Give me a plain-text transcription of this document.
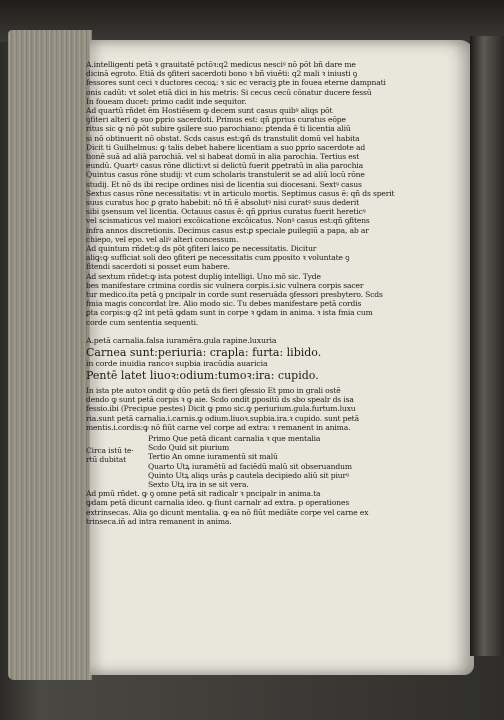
A.intelligenti petā ꝛ grauitatē pctōꝛ:q2 medicus nesciꝰ nō pōt bñ dare me

dicinā egroto. Etiā ds ꝯfiteri sacerdoti bono ꝛ bñ viuēti: q2 mali ꝛ iniusti ꝯ

fessores sunt ceci ꝛ ductores cecoꝝ: ꝛ sic ec veraciꝫ ꝑte in fouea eterne dampnati

onis cadūt: vt solet etiā dici in his metris: Si cecus cecū cōnatur ducere fessū

In foueam ducet: primo cadit inde sequitor.

Ad quartū rñdet ēm Hostiēsem ꝙ decem sunt casus quibꝰ aliqs pōt

ꝯfiteri alteri ꝙ suo ꝑprio sacerdoti. Primus est: qñ ꝑprius curatus eōpe

ritus sic ꝙ nō pōt subire ꝯsilere suo parochiano: ꝑtenda ē ti licentia aliū

si nō obtinuerit nō obstat. Scds casus est:ꝙñ ds transtulit domū vel habita

Dicit ti Guilhelmus: ꝙ talis debet habere licentiam a suo ꝑprio sacerdote ad

tionē suā ad aliā parochiā. vel si habeat domū in alia parochia. Tertius est

eundū. Quartꝰ casus rōne dlicti:vt si delictū fuerit ꝑpetratū in alia parochia

Quintus casus rōne studij: vt cum scholaris transtulerit se ad aliū locū rōne

studij. Et nō ds ibi recipe ordines nisi de licentia sui diocesani. Sextꝰ casus

Sextus casus rōne necessitatis: vt in articulo mortis. Septimus casus ē: qñ ds sperit

suus curatus hoc ꝑ grato habebit: nō tñ ē absolutꝰ nisi curatꝰ suus dederit

sibi ꝯsensum vel licentia. Octauus casus ē: qñ ꝑprius curatus fuerit hereticꝰ

vel scismaticus vel maiori excōicatione excōicatus. Nonꝰ casus est:qñ ꝯfitens

infra annos discretionis. Decimus casus est:ꝑ speciale ꝑuilegiū a papa, ab ar

chiepo, vel epo. vel aliꝰ alteri concessum.

Ad quintum rñdet:ꝙ ds pōt ꝯfiteri laico ꝑe necessitatis. Dicitur

aliꝙ:ꝙ sufficiat soli deo ꝯfiteri ꝑe necessitatis cum ꝑposito ꝛ voluntate ꝯ

fitendi sacerdoti si posset eum habere.

Ad sextum rñdet:ꝙ ista potest dupliꝯ intelligi. Uno mō sic. Tyde

bes manifestare crimina cordis sic vulnera corpis.i.sic vulnera corpis sacer

tur medico.ita petā ꝯ pncipalr in corde sunt reseruāda ꝯfessori presbytero. Scds

fmia magis concordat lre. Alio modo sic. Tu debes manifestare petā cordis

ꝑta corpis:ꝙ q2 int petā ꝙdam sunt in corpe ꝛ ꝙdam in anima. ꝛ ista fmia cum

corde cum sententia sequenti.

A.petā carnalia.falsa iuramēra.gula rapine.luxuria

Carnea sunt:periuria: crapla: furta: libido.

in corde inuidia rancoꝛ supbia iracūdia auaricia

Pentē latet liuoꝛ:odium:tumoꝛ:ira: cupido.

In ista pte autoꝛ ondit ꝙ dūo petā ds fieri ꝯfessio Et pmo in grali ostē

dendo ꝙ sunt petā corpis ꝛ ꝙ aie. Scdo ondit ꝑpositū ds sbo spealr ds isa

fessio.ibi (Precipue pestes) Dicit ꝙ pmo sic.ꝙ periurium.gula.furtum.luxu

ria.sunt petā carnalia.i.carnis.ꝙ odium.liuoꝛ.supbia.ira.ꝛ cupido. sunt petā

mentis.i.cordis:ꝙ nō fiūt carne vel corpe ad extra: ꝛ remanent in anima.

Circa istū te·
rtū dubitat

Primo Que petā dicant carnalia ꝛ que mentalia

Scdo Quid sit piurium

Tertio An omne iuramentū sit malū

Quarto Utꝝ iuramētū ad faciēdū malū sit obseruandum

Quinto Utꝝ aliqs urās ꝑ cautela decipiedo aliū sit piurꝰ

Sexto Utꝝ ira in se sit vera.

Ad pmū rñdet. ꝙ ꝯ omne petā sit radicalr ꝛ pncipalr in anima.ta

ꝙdam petā dicunt carnalia ideo. ꝙ fiunt carnalr ad extra. p operationes

extrinsecas. Alia ꝯo dicunt mentalia. ꝙ ea nō fiūt mediāte corpe vel carne ex

trinseca.iñ ad intra remanent in anima.
